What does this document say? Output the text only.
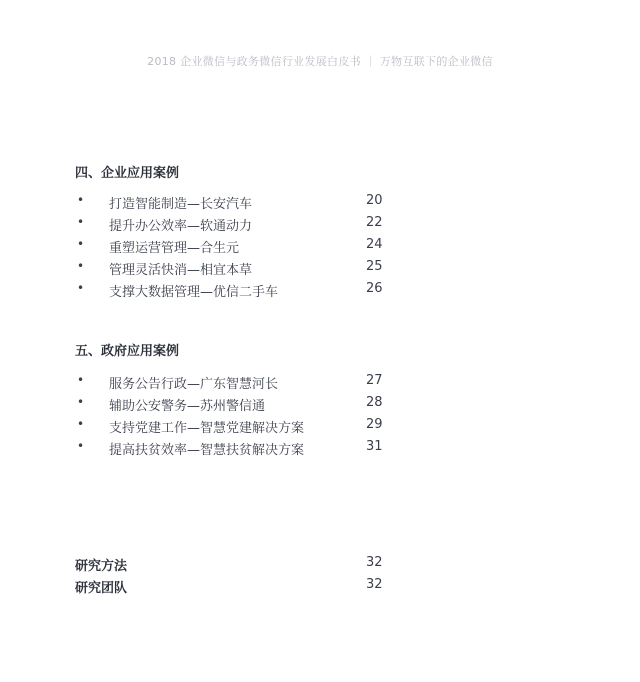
2018 企业微信与政务微信行业发展白皮书 ｜ 万物互联下的企业微信
四、企业应用案例
• 打造智能制造—长安汽车	20
• 提升办公效率—软通动力	22
• 重塑运营管理—合生元	24
• 管理灵活快消—相宜本草	25
• 支撑大数据管理—优信二手车	26
五、政府应用案例
• 服务公告行政—广东智慧河长	27
• 辅助公安警务—苏州警信通	28
• 支持党建工作—智慧党建解决方案	29
• 提高扶贫效率—智慧扶贫解决方案	31
研究方法	32
研究团队	32
